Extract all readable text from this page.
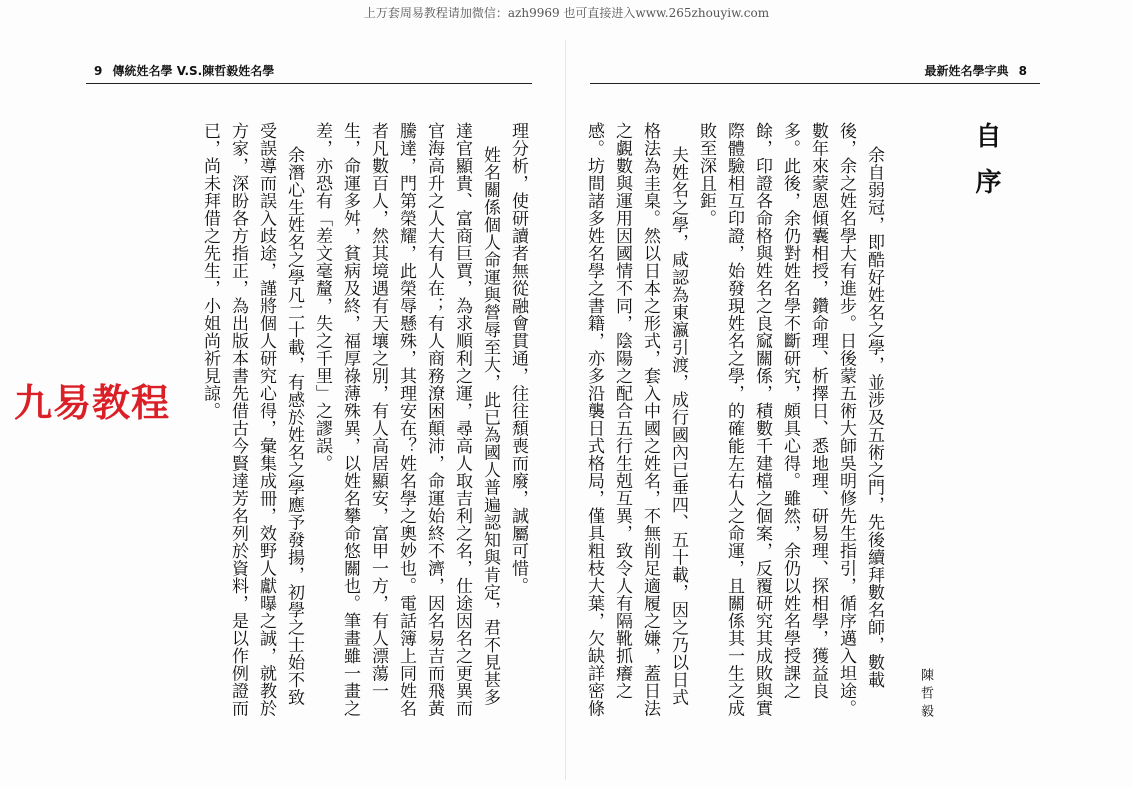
上万套周易教程请加微信：azh9969 也可直接进入www.265zhouyiw.com
9 傳統姓名學 V.S.陳哲毅姓名學
理分析，使研讀者無從融會貫通，往往頹喪而廢，誠屬可惜。
姓名關係個人命運與營辱至大，此已為國人普遍認知與肯定，君不見甚多
達官顯貴、富商巨賈，為求順利之運，尋高人取吉利之名，仕途因名之更異而
官海高升之人大有人在；有人商務潦困顛沛，命運始終不濟，因名易吉而飛黃
騰達，門第榮耀，此榮辱懸殊，其理安在？姓名學之奧妙也。電話簿上同姓名
者凡數百人，然其境遇有天壤之別，有人高居顯安，富甲一方，有人漂蕩一
生，命運多舛，貧病及終，福厚祿薄殊異，以姓名攀命悠關也。筆畫雖一畫之
差，亦恐有「差文毫釐，失之千里」之謬誤。
余潛心生姓名之學凡二十載，有感於姓名之學應予發揚，初學之士始不致
受誤導而誤入歧途，謹將個人研究心得，彙集成冊，效野人獻曝之誠，就教於
方家，深盼各方指正，為出版本書先借古今賢達芳名列於資料，是以作例證而
已，尚未拜借之先生，小姐尚祈見諒。
最新姓名學字典 8
自序
陳哲毅
余自弱冠，即酷好姓名之學，並涉及五術之門，先後續拜數名師，數載
後，余之姓名學大有進步。日後蒙五術大師吳明修先生指引，循序邁入坦途。
數年來蒙恩傾囊相授，鑽命理、析擇日、悉地理、研易理、探相學，獲益良
多。此後，余仍對姓名學不斷研究，頗具心得。雖然，余仍以姓名學授課之
餘，印證各命格與姓名之良窳關係，積數千建檔之個案，反覆研究其成敗與實
際體驗相互印證，始發現姓名之學，的確能左右人之命運，且關係其一生之成
敗至深且鉅。
夫姓名之學，咸認為東瀛引渡，成行國內已垂四、五十載，因之乃以日式
格法為圭臬。然以日本之形式，套入中國之姓名，不無削足適履之嫌，蓋日法
之覷數與運用因國情不同，陰陽之配合五行生剋互異，致令人有隔靴抓癢之
感。坊間諸多姓名學之書籍，亦多沿襲日式格局，僅具粗枝大葉，欠缺詳密條
九易教程
